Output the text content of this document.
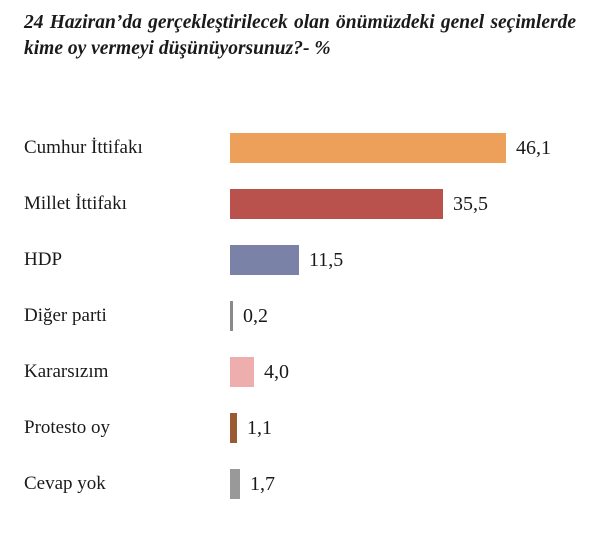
24 Haziran’da gerçekleştirilecek olan önümüzdeki genel seçimlerde kime oy vermeyi düşünüyorsunuz?- %
Cumhur İttifakı	46,1
Millet İttifakı	35,5
HDP	11,5
Diğer parti	0,2
Kararsızım	4,0
Protesto oy	1,1
Cevap yok	1,7
